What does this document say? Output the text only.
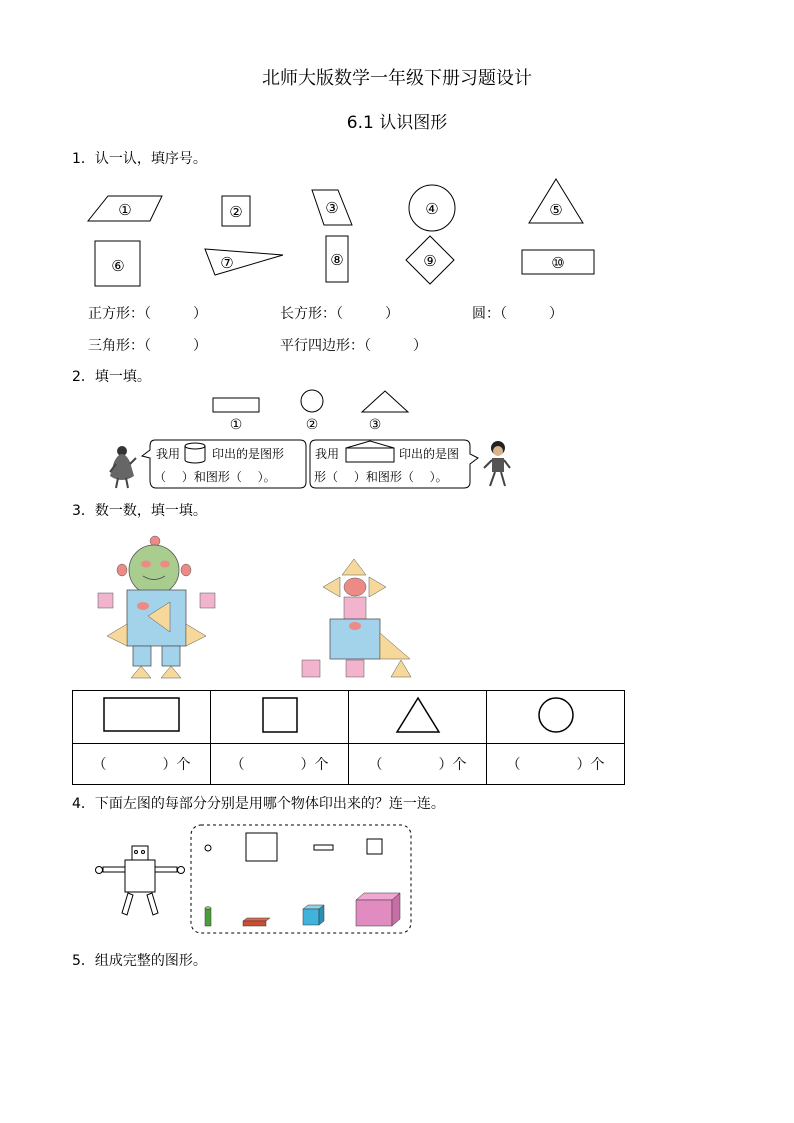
北师大版数学一年级下册习题设计
6.1 认识图形
1．认一认，填序号。
①	②	③	④	⑤
⑥	⑦	⑧	⑨	⑩
正方形：（　　　）	长方形：（　　　）	圆：（　　　）
三角形：（　　　）	平行四边形：（　　　）
2．填一填。
①	②	③
我用	印出的是图形
（　 ）和图形（　 ）。
我用	印出的是图
形（　 ）和图形（　 ）。
3．数一数，填一填。

（　　　　）个	（　　　　）个	（　　　　）个	（　　　　）个
4．下面左图的每部分分别是用哪个物体印出来的？连一连。
5．组成完整的图形。
